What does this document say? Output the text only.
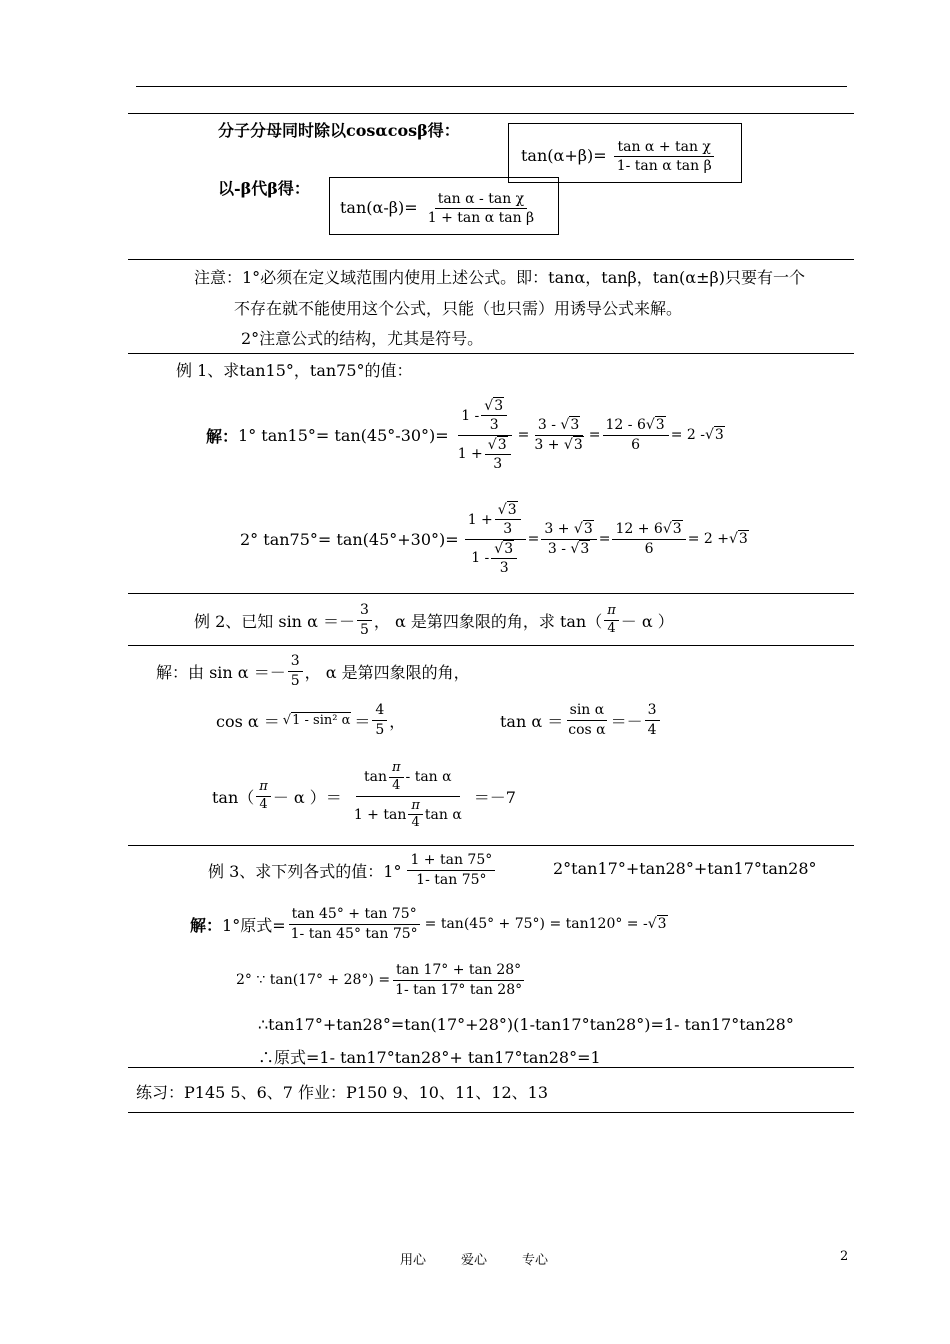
分子分母同时除以cosαcosβ得：
$\tan(\alpha+\beta)= \frac{\text{tan α + tan χ}}{\text{1- tan α tan β}}$
以-β代β得：
$\tan(\alpha-\beta)= \frac{\text{tan α - tan χ}}{\text{1 + tan α tan β}}$
注意：1°必须在定义域范围内使用上述公式。即：tanα，tanβ，tan(α±β)只要有一个
不存在就不能使用这个公式，只能（也只需）用诱导公式来解。
2°注意公式的结构，尤其是符号。
例 1、求tan15°，tan75°的值：
解： 1° $\tan 15^\circ= \tan(45^\circ-30^\circ)= \frac{1 - \frac{√3}{3}}{1 + \frac{√3}{3}} = \frac{3 - √3}{3 + √3} = \frac{12 - 6√3}{6} = 2 - √3$
2° $\tan 75^\circ= \tan(45^\circ+30^\circ)= \frac{1 + \frac{√3}{3}}{1 - \frac{√3}{3}} = \frac{3 + √3}{3 - √3} = \frac{12 + 6√3}{6} = 2 + √3$
例 2、已知 $\sin \alpha =- \frac{3}{5}$ ， α 是第四象限的角，求 $\tan( \frac{\pi}{4} - \alpha$ ）
解：由 $\sin \alpha =- \frac{3}{5}$ ， α 是第四象限的角，
cos α ＝ √1 - sin² $\alpha = \frac{4}{5}$ ，	$\tan \alpha = \frac{\text{sin α}}{\text{cos α}} =- \frac{3}{4}$
$\tan( \frac{\pi}{4} - \alpha$ ）＝ $\frac{\tan \frac{\pi}{4} - \tan \alpha}{1 + \tan \frac{\pi}{4} \tan \alpha} =-7$
例 3、求下列各式的值：$1^\circ \frac{1 + \tan 75^\circ}{1- \tan 75^\circ}$	2°tan17°+tan28°+tan17°tan28°
解： 1°原式= $\frac{\tan 45^\circ + \tan 75^\circ}{1- \tan 45^\circ \tan 75^\circ} = \tan(45^\circ + 75^\circ) = \tan 120^\circ$ = - √3
2° ∵ $\tan(17^\circ + 28^\circ) = \frac{\tan 17^\circ + \tan 28^\circ}{1- \tan 17^\circ \tan 28^\circ}$
∴tan17°+tan28°=tan(17°+28°)(1-tan17°tan28°)=1- tan17°tan28°
∴原式=1- tan17°tan28°+ tan17°tan28°=1
练习：P145 5、6、7 作业：P150 9、10、11、12、13
用心	爱心	专心	2
